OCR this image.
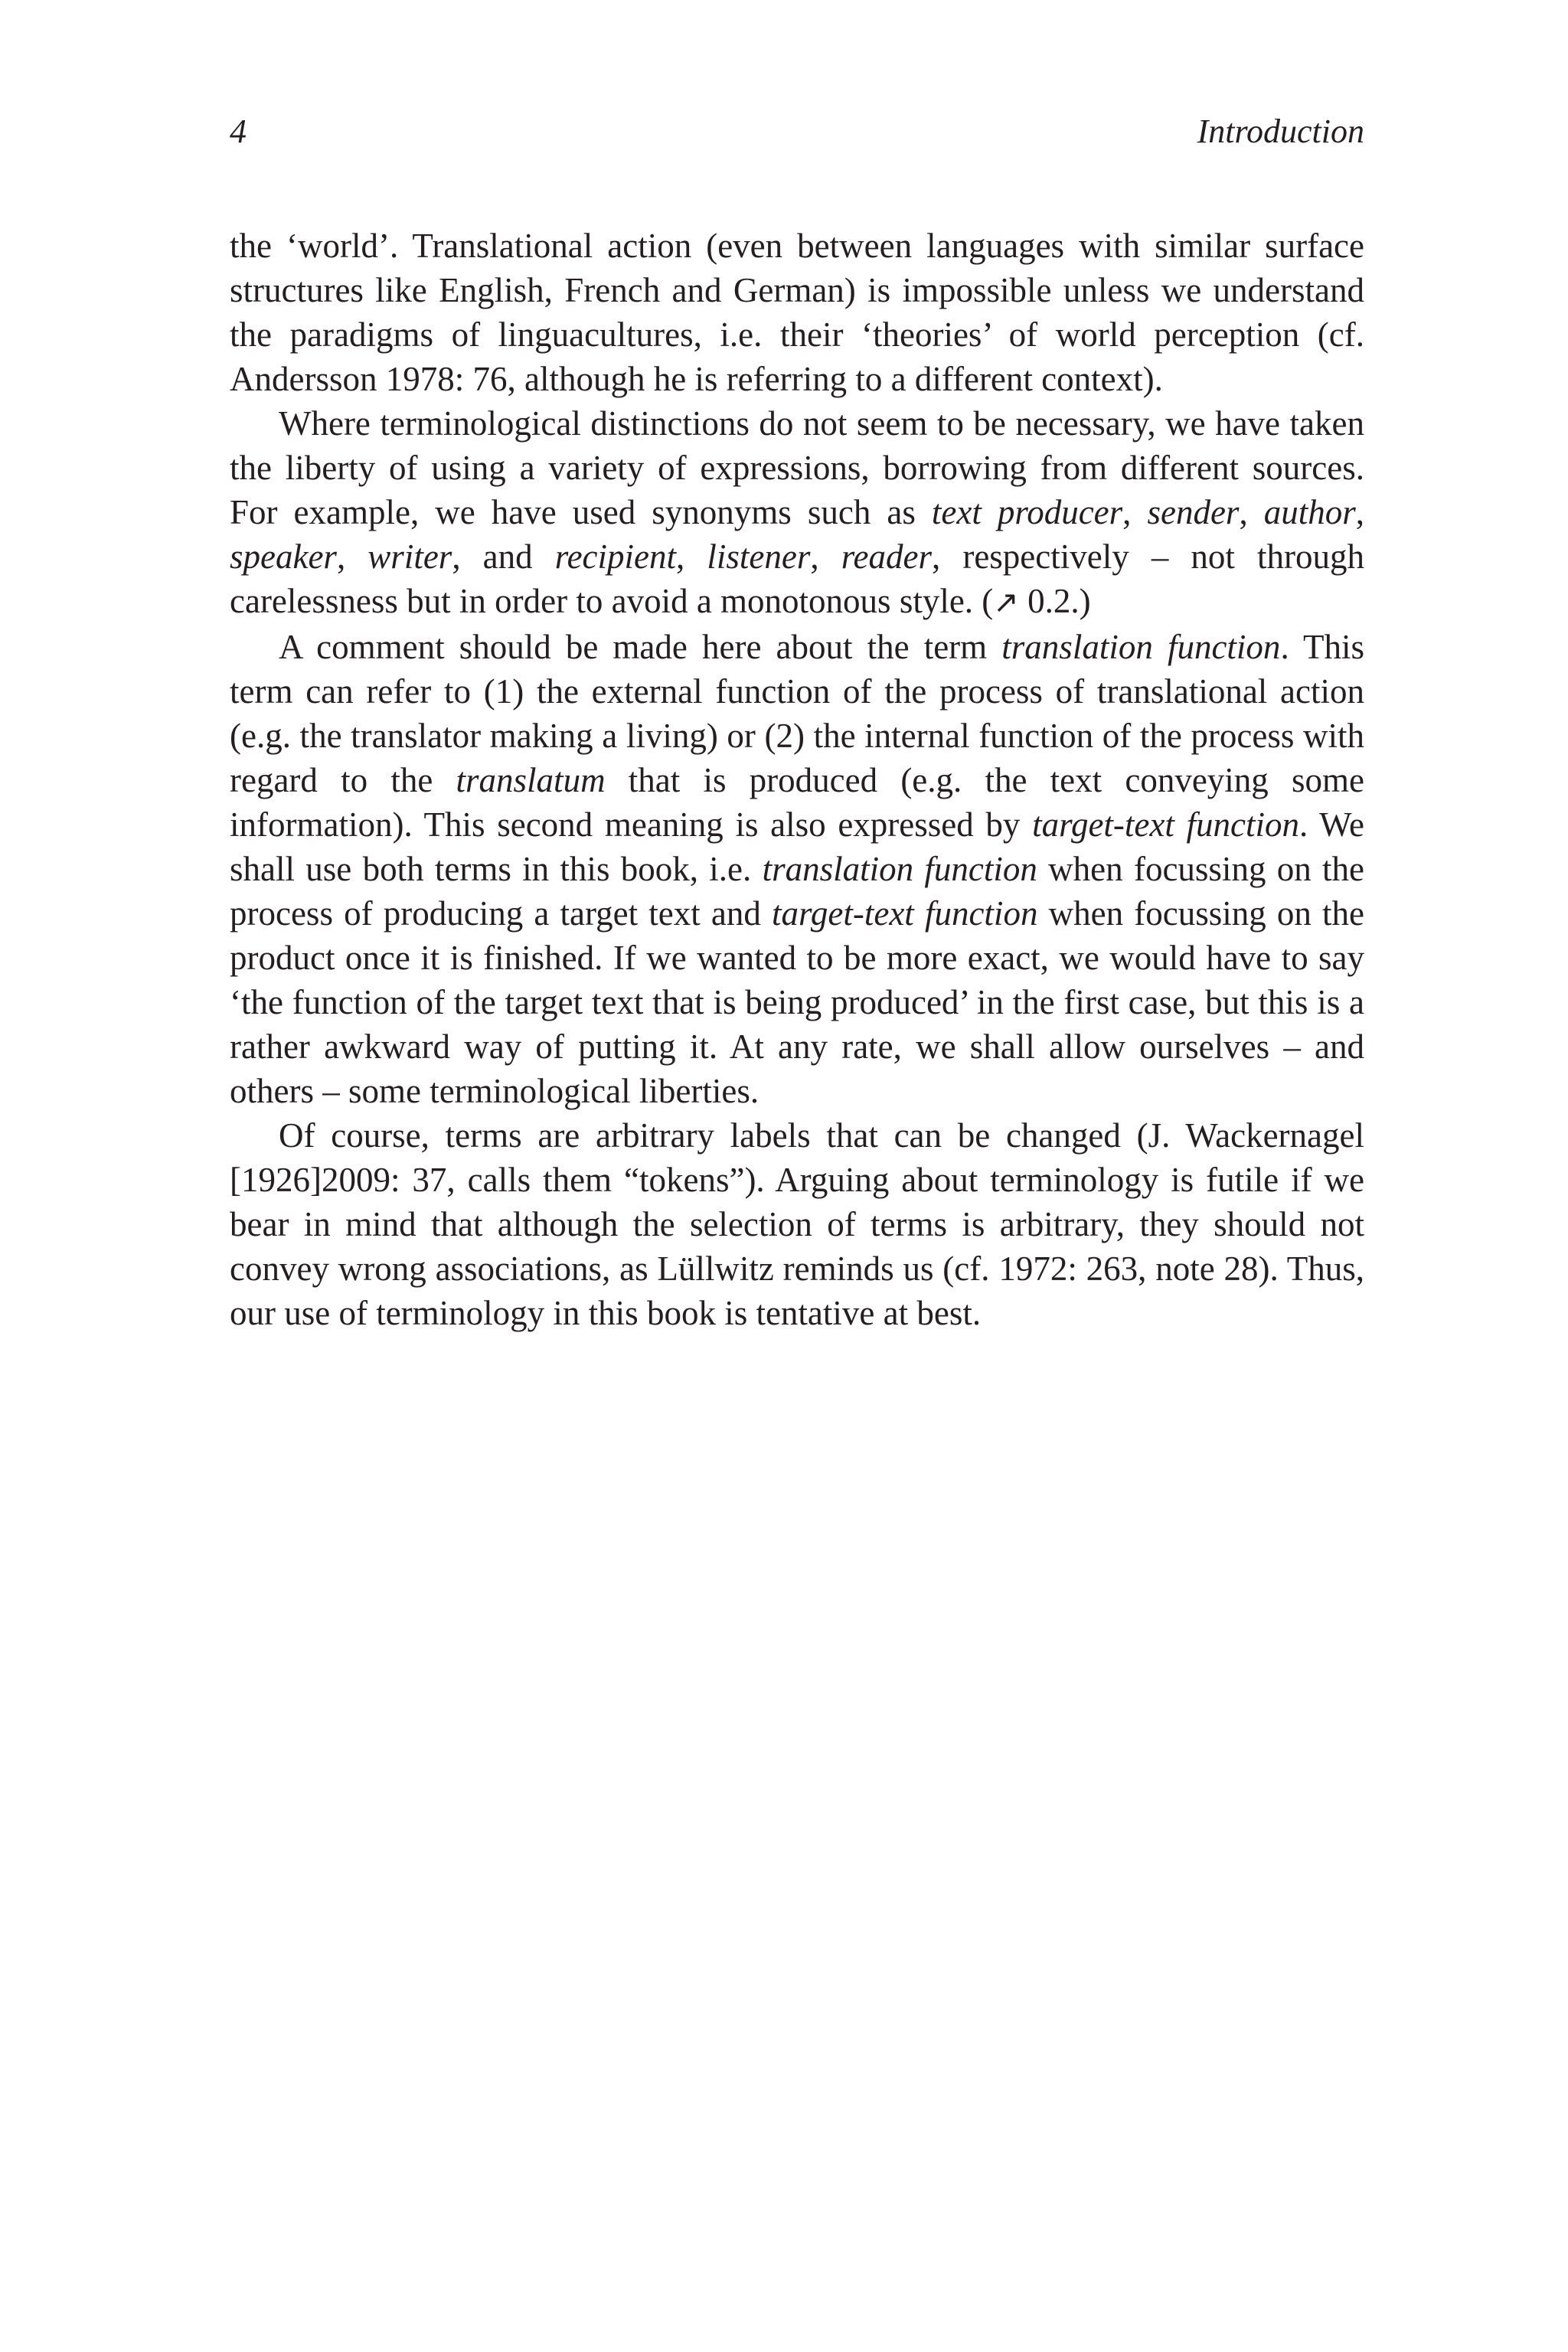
4	Introduction

the ‘world’. Translational action (even between languages with similar surface structures like English, French and German) is impossible unless we understand the paradigms of linguacultures, i.e. their ‘theories’ of world perception (cf. Andersson 1978: 76, although he is referring to a different context).

Where terminological distinctions do not seem to be necessary, we have taken the liberty of using a variety of expressions, borrowing from different sources. For example, we have used synonyms such as text producer, sender, author, speaker, writer, and recipient, listener, reader, respectively – not through carelessness but in order to avoid a monotonous style. (↗ 0.2.)

A comment should be made here about the term translation function. This term can refer to (1) the external function of the process of translational action (e.g. the translator making a living) or (2) the internal function of the process with regard to the translatum that is produced (e.g. the text conveying some information). This second meaning is also expressed by target-text function. We shall use both terms in this book, i.e. translation function when focussing on the process of producing a target text and target-text function when focussing on the product once it is finished. If we wanted to be more exact, we would have to say ‘the function of the target text that is being produced’ in the first case, but this is a rather awkward way of putting it. At any rate, we shall allow ourselves – and others – some terminological liberties.

Of course, terms are arbitrary labels that can be changed (J. Wackernagel [1926]2009: 37, calls them “tokens”). Arguing about terminology is futile if we bear in mind that although the selection of terms is arbitrary, they should not convey wrong associations, as Lüllwitz reminds us (cf. 1972: 263, note 28). Thus, our use of terminology in this book is tentative at best.
